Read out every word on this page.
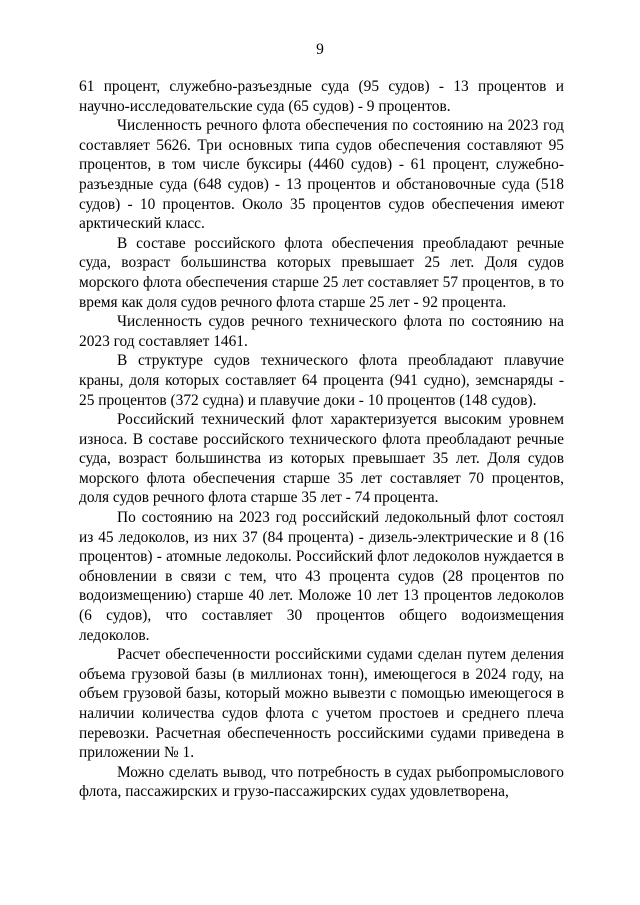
9

61 процент, служебно-разъездные суда (95 судов) - 13 процентов и научно-исследовательские суда (65 судов) - 9 процентов.

Численность речного флота обеспечения по состоянию на 2023 год составляет 5626. Три основных типа судов обеспечения составляют 95 процентов, в том числе буксиры (4460 судов) - 61 процент, служебно-разъездные суда (648 судов) - 13 процентов и обстановочные суда (518 судов) - 10 процентов. Около 35 процентов судов обеспечения имеют арктический класс.

В составе российского флота обеспечения преобладают речные суда, возраст большинства которых превышает 25 лет. Доля судов морского флота обеспечения старше 25 лет составляет 57 процентов, в то время как доля судов речного флота старше 25 лет - 92 процента.

Численность судов речного технического флота по состоянию на 2023 год составляет 1461.

В структуре судов технического флота преобладают плавучие краны, доля которых составляет 64 процента (941 судно), земснаряды - 25 процентов (372 судна) и плавучие доки - 10 процентов (148 судов).

Российский технический флот характеризуется высоким уровнем износа. В составе российского технического флота преобладают речные суда, возраст большинства из которых превышает 35 лет. Доля судов морского флота обеспечения старше 35 лет составляет 70 процентов, доля судов речного флота старше 35 лет - 74 процента.

По состоянию на 2023 год российский ледокольный флот состоял из 45 ледоколов, из них 37 (84 процента) - дизель-электрические и 8 (16 процентов) - атомные ледоколы. Российский флот ледоколов нуждается в обновлении в связи с тем, что 43 процента судов (28 процентов по водоизмещению) старше 40 лет. Моложе 10 лет 13 процентов ледоколов (6 судов), что составляет 30 процентов общего водоизмещения ледоколов.

Расчет обеспеченности российскими судами сделан путем деления объема грузовой базы (в миллионах тонн), имеющегося в 2024 году, на объем грузовой базы, который можно вывезти с помощью имеющегося в наличии количества судов флота с учетом простоев и среднего плеча перевозки. Расчетная обеспеченность российскими судами приведена в приложении № 1.

Можно сделать вывод, что потребность в судах рыбопромыслового флота, пассажирских и грузо-пассажирских судах удовлетворена,
